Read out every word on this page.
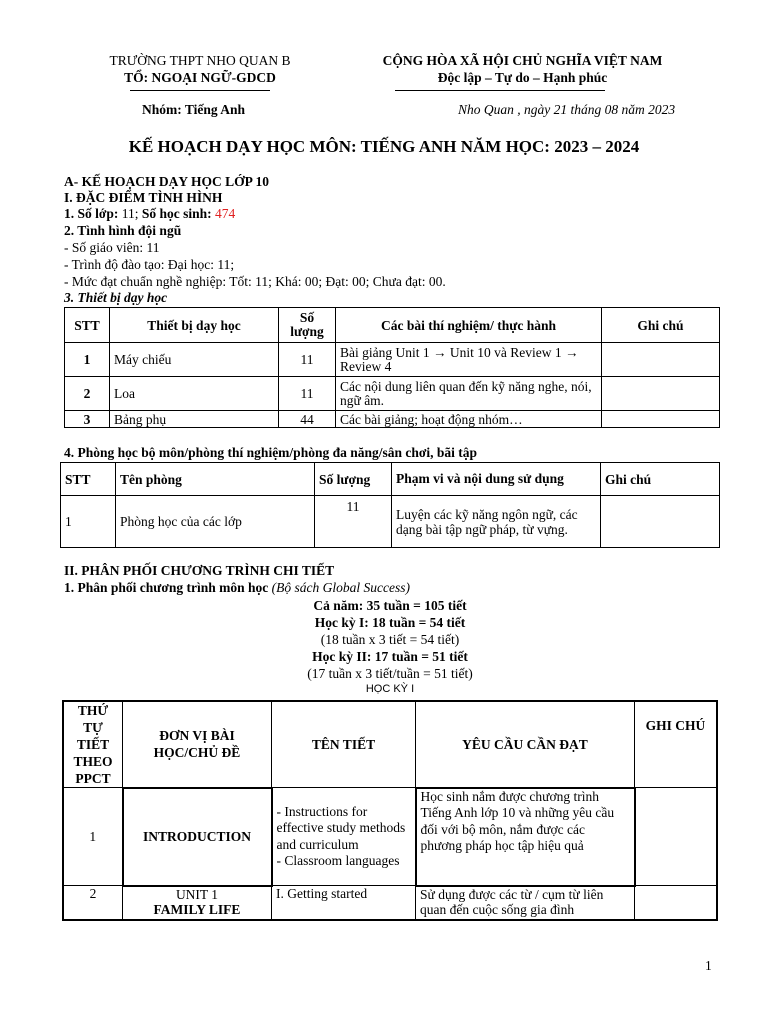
TRƯỜNG THPT NHO QUAN B
TỔ: NGOẠI NGỮ-GDCD
CỘNG HÒA XÃ HỘI CHỦ NGHĨA VIỆT NAM
Độc lập – Tự do – Hạnh phúc
Nhóm: Tiếng Anh	Nho Quan , ngày 21 tháng 08 năm 2023
KẾ HOẠCH DẠY HỌC MÔN: TIẾNG ANH NĂM HỌC: 2023 – 2024
A- KẾ HOẠCH DẠY HỌC LỚP 10
I. ĐẶC ĐIỂM TÌNH HÌNH
1. Số lớp: 11; Số học sinh: 474
2. Tình hình đội ngũ
- Số giáo viên: 11
- Trình độ đào tạo: Đại học: 11;
- Mức đạt chuẩn nghề nghiệp: Tốt: 11; Khá: 00; Đạt: 00; Chưa đạt: 00.
3. Thiết bị dạy học
STT	Thiết bị dạy học	Số lượng	Các bài thí nghiệm/ thực hành	Ghi chú
1	Máy chiếu	11	Bài giảng Unit 1 → Unit 10 và Review 1 → Review 4	
2	Loa	11	Các nội dung liên quan đến kỹ năng nghe, nói, ngữ âm.	
3	Bảng phụ	44	Các bài giảng; hoạt động nhóm…	
4. Phòng học bộ môn/phòng thí nghiệm/phòng đa năng/sân chơi, bãi tập
STT	Tên phòng	Số lượng	Phạm vi và nội dung sử dụng	Ghi chú
1	Phòng học của các lớp	11	Luyện các kỹ năng ngôn ngữ, các dạng bài tập ngữ pháp, từ vựng.	
II. PHÂN PHỐI CHƯƠNG TRÌNH CHI TIẾT
1. Phân phối chương trình môn học (Bộ sách Global Success)
Cả năm: 35 tuần = 105 tiết
Học kỳ I: 18 tuần = 54 tiết
(18 tuần x 3 tiết = 54 tiết)
Học kỳ II: 17 tuần = 51 tiết
(17 tuần x 3 tiết/tuần = 51 tiết)
HỌC KỲ I
THỨ TỰ TIẾT THEO PPCT	ĐƠN VỊ BÀI HỌC/CHỦ ĐỀ	TÊN TIẾT	YÊU CẦU CẦN ĐẠT	GHI CHÚ
1	INTRODUCTION	- Instructions for effective study methods and curriculum
- Classroom languages	Học sinh nắm được chương trình Tiếng Anh lớp 10 và những yêu cầu đối với bộ môn, nắm được các phương pháp học tập hiệu quả	
2	UNIT 1
FAMILY LIFE	I. Getting started	Sử dụng được các từ / cụm từ liên quan đến cuộc sống gia đình	
1
